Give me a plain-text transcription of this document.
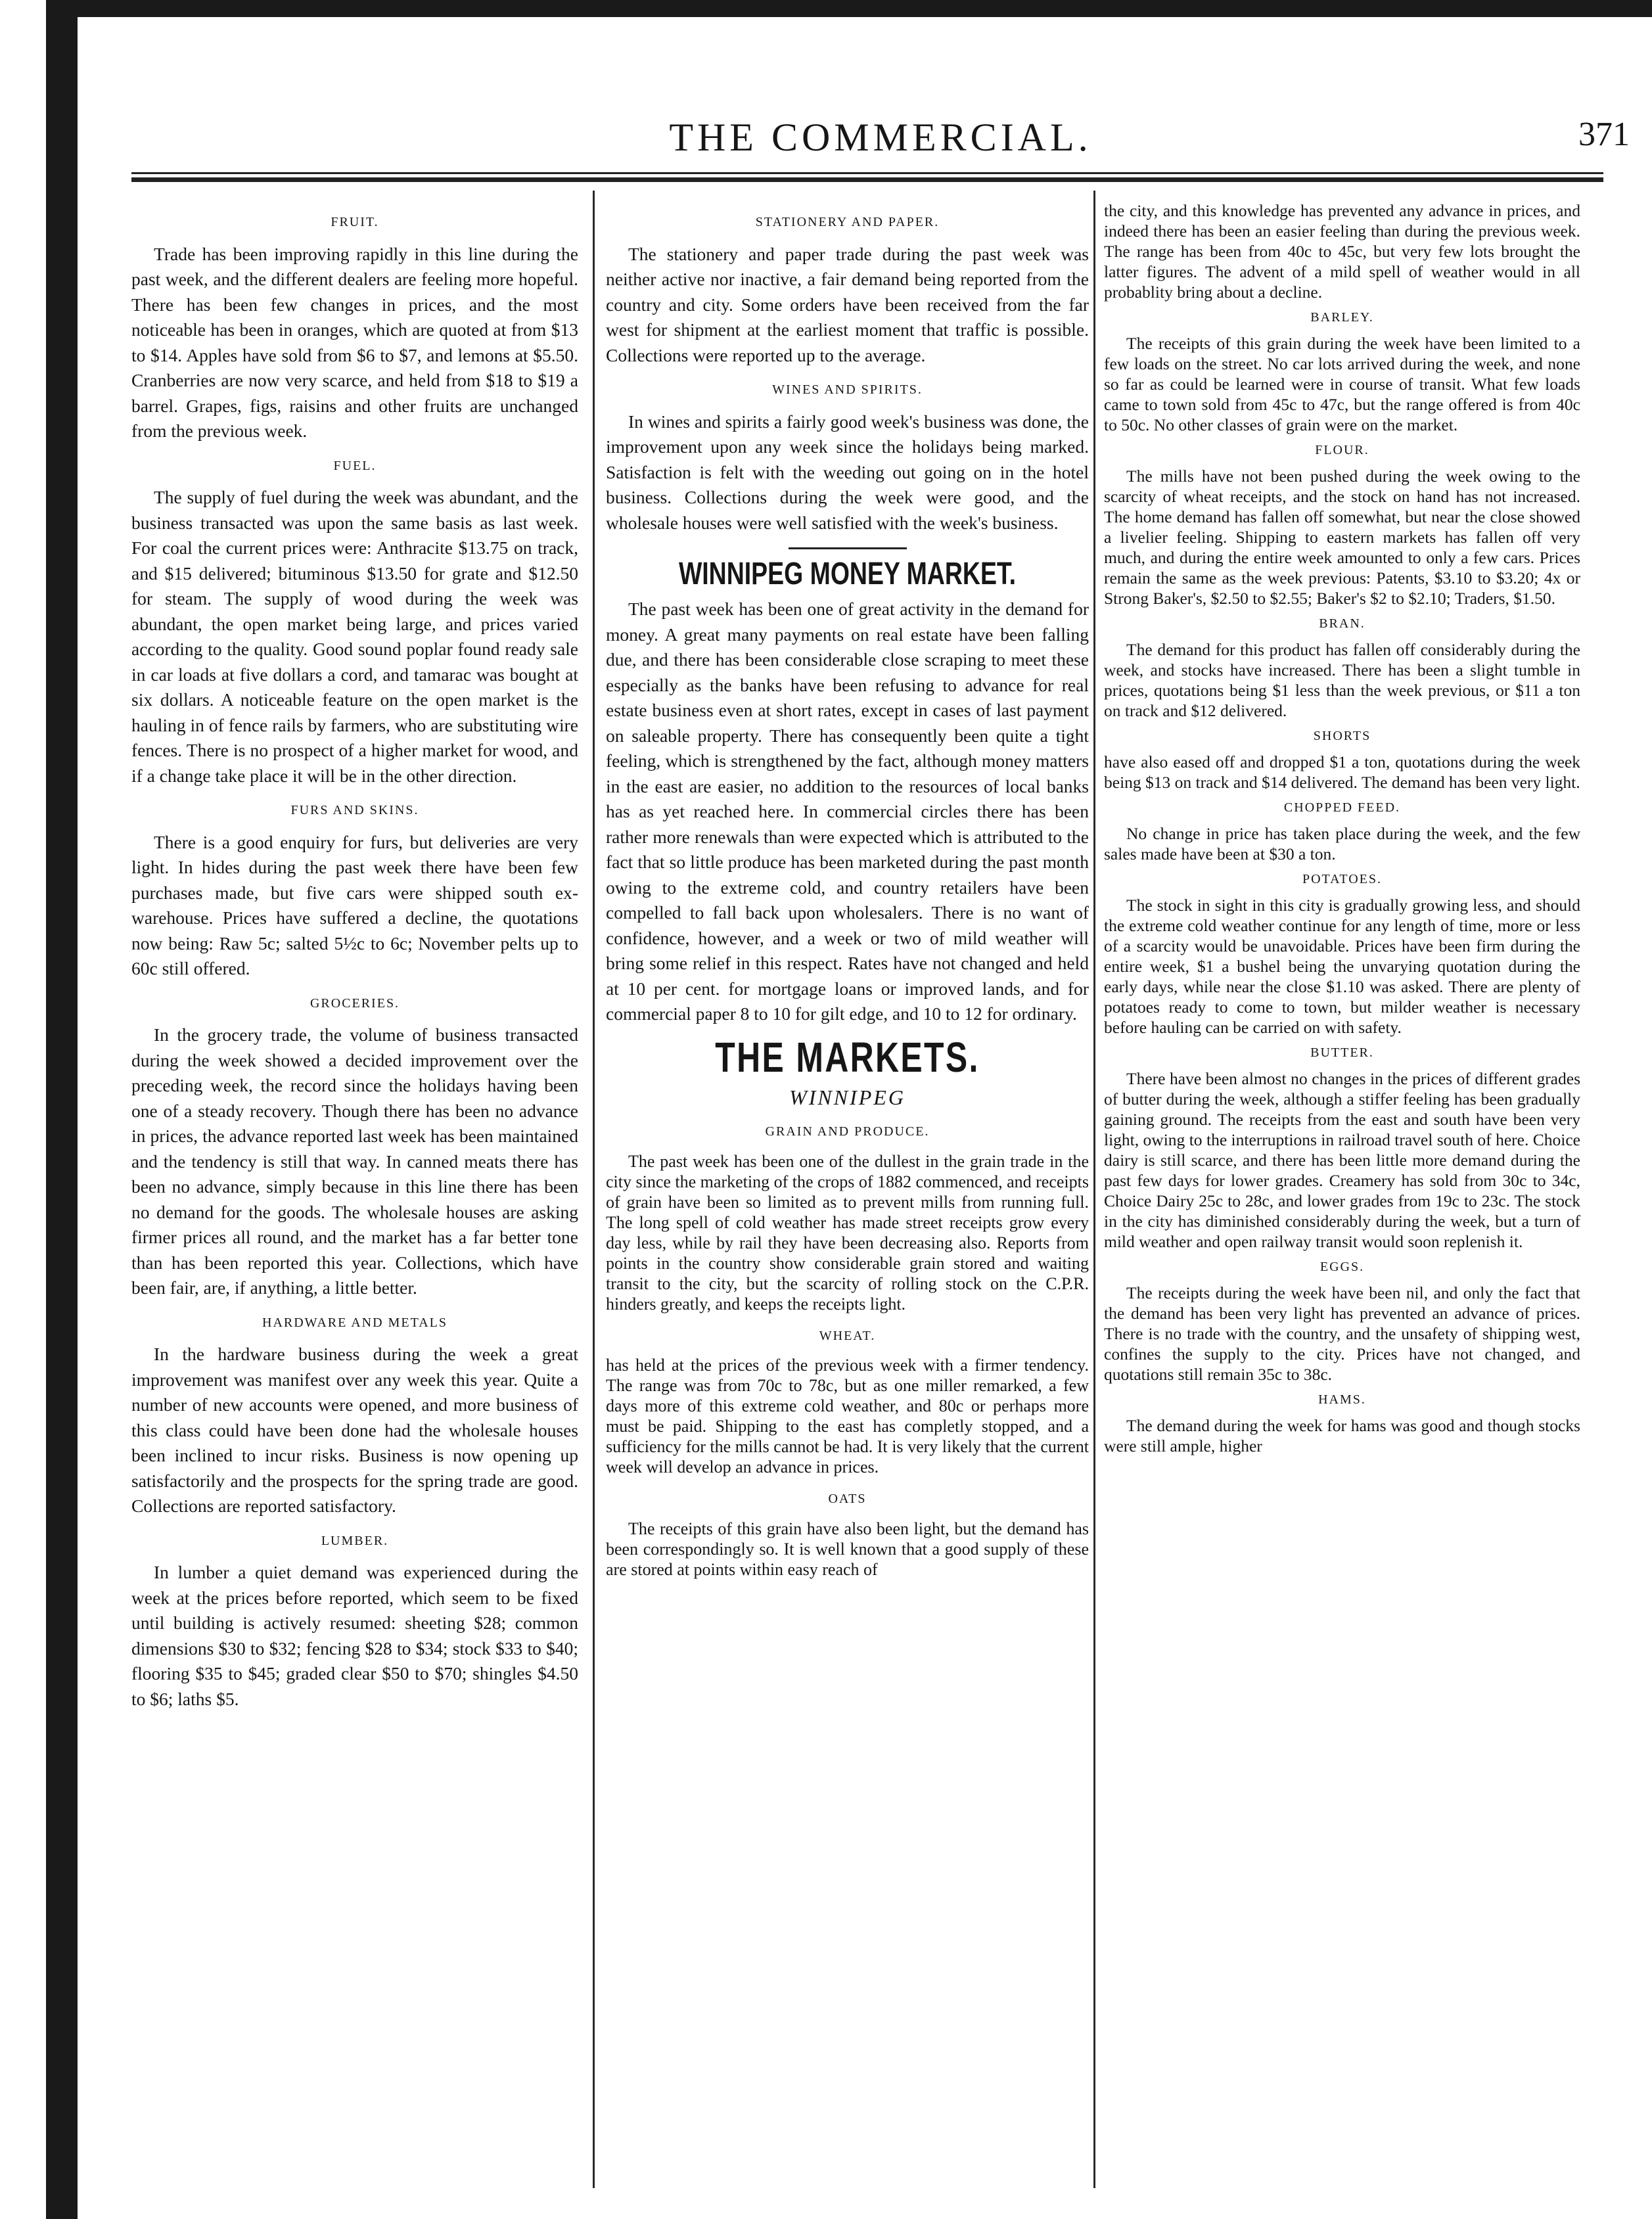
THE COMMERCIAL.	371
FRUIT.

Trade has been improving rapidly in this line during the past week, and the different dealers are feeling more hopeful. There has been few changes in prices, and the most noticeable has been in oranges, which are quoted at from $13 to $14. Apples have sold from $6 to $7, and lemons at $5.50. Cranberries are now very scarce, and held from $18 to $19 a barrel. Grapes, figs, raisins and other fruits are unchanged from the previous week.

FUEL.

The supply of fuel during the week was abundant, and the business transacted was upon the same basis as last week. For coal the current prices were: Anthracite $13.75 on track, and $15 delivered; bituminous $13.50 for grate and $12.50 for steam. The supply of wood during the week was abundant, the open market being large, and prices varied according to the quality. Good sound poplar found ready sale in car loads at five dollars a cord, and tamarac was bought at six dollars. A noticeable feature on the open market is the hauling in of fence rails by farmers, who are substituting wire fences. There is no prospect of a higher market for wood, and if a change take place it will be in the other direction.

FURS AND SKINS.

There is a good enquiry for furs, but deliveries are very light. In hides during the past week there have been few purchases made, but five cars were shipped south ex-warehouse. Prices have suffered a decline, the quotations now being: Raw 5c; salted 5½c to 6c; November pelts up to 60c still offered.

GROCERIES.

In the grocery trade, the volume of business transacted during the week showed a decided improvement over the preceding week, the record since the holidays having been one of a steady recovery. Though there has been no advance in prices, the advance reported last week has been maintained and the tendency is still that way. In canned meats there has been no advance, simply because in this line there has been no demand for the goods. The wholesale houses are asking firmer prices all round, and the market has a far better tone than has been reported this year. Collections, which have been fair, are, if anything, a little better.

HARDWARE AND METALS

In the hardware business during the week a great improvement was manifest over any week this year. Quite a number of new accounts were opened, and more business of this class could have been done had the wholesale houses been inclined to incur risks. Business is now opening up satisfactorily and the prospects for the spring trade are good. Collections are reported satisfactory.

LUMBER.

In lumber a quiet demand was experienced during the week at the prices before reported, which seem to be fixed until building is actively resumed: sheeting $28; common dimensions $30 to $32; fencing $28 to $34; stock $33 to $40; flooring $35 to $45; graded clear $50 to $70; shingles $4.50 to $6; laths $5.

STATIONERY AND PAPER.

The stationery and paper trade during the past week was neither active nor inactive, a fair demand being reported from the country and city. Some orders have been received from the far west for shipment at the earliest moment that traffic is possible. Collections were reported up to the average.

WINES AND SPIRITS.

In wines and spirits a fairly good week's business was done, the improvement upon any week since the holidays being marked. Satisfaction is felt with the weeding out going on in the hotel business. Collections during the week were good, and the wholesale houses were well satisfied with the week's business.

WINNIPEG MONEY MARKET.

The past week has been one of great activity in the demand for money. A great many payments on real estate have been falling due, and there has been considerable close scraping to meet these especially as the banks have been refusing to advance for real estate business even at short rates, except in cases of last payment on saleable property. There has consequently been quite a tight feeling, which is strengthened by the fact, although money matters in the east are easier, no addition to the resources of local banks has as yet reached here. In commercial circles there has been rather more renewals than were expected which is attributed to the fact that so little produce has been marketed during the past month owing to the extreme cold, and country retailers have been compelled to fall back upon wholesalers. There is no want of confidence, however, and a week or two of mild weather will bring some relief in this respect. Rates have not changed and held at 10 per cent. for mortgage loans or improved lands, and for commercial paper 8 to 10 for gilt edge, and 10 to 12 for ordinary.

THE MARKETS.
WINNIPEG
GRAIN AND PRODUCE.

The past week has been one of the dullest in the grain trade in the city since the marketing of the crops of 1882 commenced, and receipts of grain have been so limited as to prevent mills from running full. The long spell of cold weather has made street receipts grow every day less, while by rail they have been decreasing also. Reports from points in the country show considerable grain stored and waiting transit to the city, but the scarcity of rolling stock on the C.P.R. hinders greatly, and keeps the receipts light.

WHEAT.

has held at the prices of the previous week with a firmer tendency. The range was from 70c to 78c, but as one miller remarked, a few days more of this extreme cold weather, and 80c or perhaps more must be paid. Shipping to the east has completly stopped, and a sufficiency for the mills cannot be had. It is very likely that the current week will develop an advance in prices.

OATS

The receipts of this grain have also been light, but the demand has been correspondingly so. It is well known that a good supply of these are stored at points within easy reach of

the city, and this knowledge has prevented any advance in prices, and indeed there has been an easier feeling than during the previous week. The range has been from 40c to 45c, but very few lots brought the latter figures. The advent of a mild spell of weather would in all probablity bring about a decline.

BARLEY.

The receipts of this grain during the week have been limited to a few loads on the street. No car lots arrived during the week, and none so far as could be learned were in course of transit. What few loads came to town sold from 45c to 47c, but the range offered is from 40c to 50c. No other classes of grain were on the market.

FLOUR.

The mills have not been pushed during the week owing to the scarcity of wheat receipts, and the stock on hand has not increased. The home demand has fallen off somewhat, but near the close showed a livelier feeling. Shipping to eastern markets has fallen off very much, and during the entire week amounted to only a few cars. Prices remain the same as the week previous: Patents, $3.10 to $3.20; 4x or Strong Baker's, $2.50 to $2.55; Baker's $2 to $2.10; Traders, $1.50.

BRAN.

The demand for this product has fallen off considerably during the week, and stocks have increased. There has been a slight tumble in prices, quotations being $1 less than the week previous, or $11 a ton on track and $12 delivered.

SHORTS

have also eased off and dropped $1 a ton, quotations during the week being $13 on track and $14 delivered. The demand has been very light.

CHOPPED FEED.

No change in price has taken place during the week, and the few sales made have been at $30 a ton.

POTATOES.

The stock in sight in this city is gradually growing less, and should the extreme cold weather continue for any length of time, more or less of a scarcity would be unavoidable. Prices have been firm during the entire week, $1 a bushel being the unvarying quotation during the early days, while near the close $1.10 was asked. There are plenty of potatoes ready to come to town, but milder weather is necessary before hauling can be carried on with safety.

BUTTER.

There have been almost no changes in the prices of different grades of butter during the week, although a stiffer feeling has been gradually gaining ground. The receipts from the east and south have been very light, owing to the interruptions in railroad travel south of here. Choice dairy is still scarce, and there has been little more demand during the past few days for lower grades. Creamery has sold from 30c to 34c, Choice Dairy 25c to 28c, and lower grades from 19c to 23c. The stock in the city has diminished considerably during the week, but a turn of mild weather and open railway transit would soon replenish it.

EGGS.

The receipts during the week have been nil, and only the fact that the demand has been very light has prevented an advance of prices. There is no trade with the country, and the unsafety of shipping west, confines the supply to the city. Prices have not changed, and quotations still remain 35c to 38c.

HAMS.

The demand during the week for hams was good and though stocks were still ample, higher
